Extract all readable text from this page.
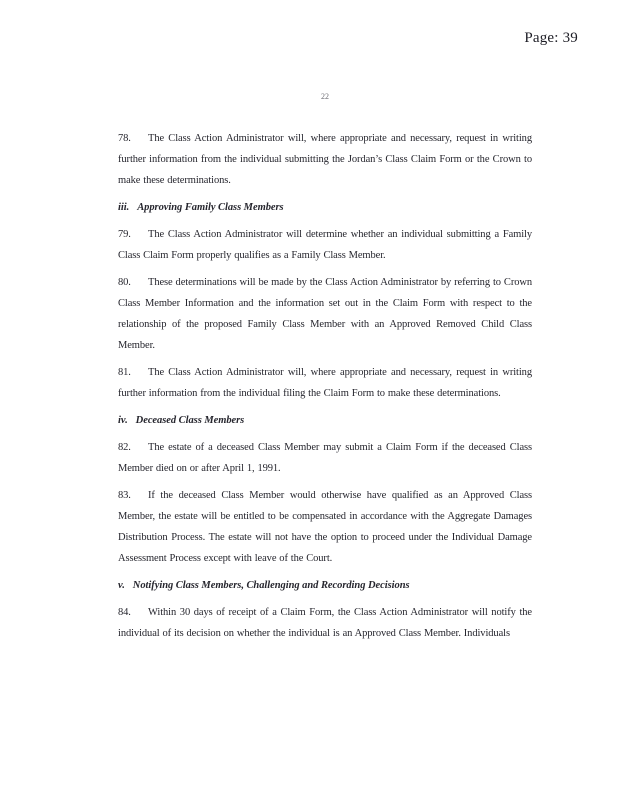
Page: 39
22
78. The Class Action Administrator will, where appropriate and necessary, request in writing further information from the individual submitting the Jordan’s Class Claim Form or the Crown to make these determinations.
iii. Approving Family Class Members
79. The Class Action Administrator will determine whether an individual submitting a Family Class Claim Form properly qualifies as a Family Class Member.
80. These determinations will be made by the Class Action Administrator by referring to Crown Class Member Information and the information set out in the Claim Form with respect to the relationship of the proposed Family Class Member with an Approved Removed Child Class Member.
81. The Class Action Administrator will, where appropriate and necessary, request in writing further information from the individual filing the Claim Form to make these determinations.
iv. Deceased Class Members
82. The estate of a deceased Class Member may submit a Claim Form if the deceased Class Member died on or after April 1, 1991.
83. If the deceased Class Member would otherwise have qualified as an Approved Class Member, the estate will be entitled to be compensated in accordance with the Aggregate Damages Distribution Process. The estate will not have the option to proceed under the Individual Damage Assessment Process except with leave of the Court.
v. Notifying Class Members, Challenging and Recording Decisions
84. Within 30 days of receipt of a Claim Form, the Class Action Administrator will notify the individual of its decision on whether the individual is an Approved Class Member. Individuals
